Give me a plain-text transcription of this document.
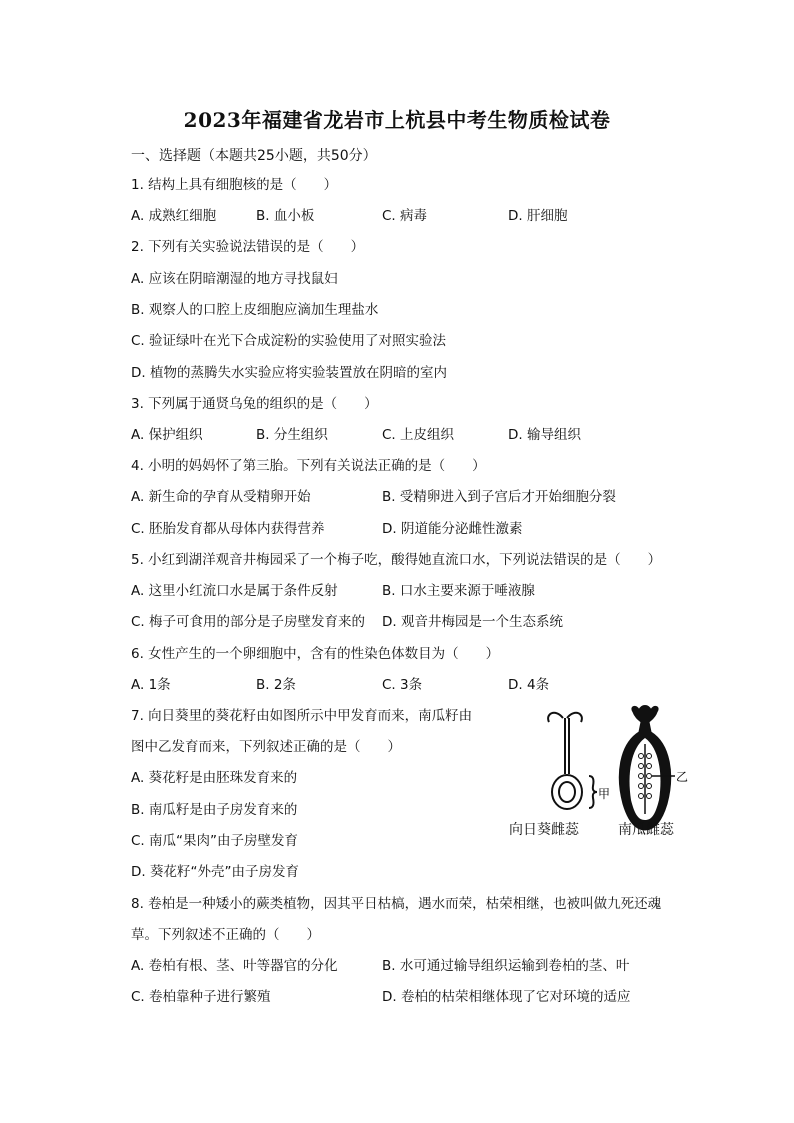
2023年福建省龙岩市上杭县中考生物质检试卷
一、选择题（本题共25小题，共50分）
1. 结构上具有细胞核的是（　　）
A. 成熟红细胞	B. 血小板	C. 病毒	D. 肝细胞
2. 下列有关实验说法错误的是（　　）
A. 应该在阴暗潮湿的地方寻找鼠妇
B. 观察人的口腔上皮细胞应滴加生理盐水
C. 验证绿叶在光下合成淀粉的实验使用了对照实验法
D. 植物的蒸腾失水实验应将实验装置放在阴暗的室内
3. 下列属于通贤乌兔的组织的是（　　）
A. 保护组织	B. 分生组织	C. 上皮组织	D. 输导组织
4. 小明的妈妈怀了第三胎。下列有关说法正确的是（　　）
A. 新生命的孕育从受精卵开始	B. 受精卵进入到子宫后才开始细胞分裂
C. 胚胎发育都从母体内获得营养	D. 阴道能分泌雌性激素
5. 小红到湖洋观音井梅园采了一个梅子吃，酸得她直流口水，下列说法错误的是（　　）
A. 这里小红流口水是属于条件反射	B. 口水主要来源于唾液腺
C. 梅子可食用的部分是子房壁发育来的 D. 观音井梅园是一个生态系统
6. 女性产生的一个卵细胞中，含有的性染色体数目为（　　）
A. 1条	B. 2条	C. 3条	D. 4条
7. 向日葵里的葵花籽由如图所示中甲发育而来，南瓜籽由
图中乙发育而来，下列叙述正确的是（　　）
A. 葵花籽是由胚珠发育来的
B. 南瓜籽是由子房发育来的
C. 南瓜“果肉”由子房壁发育
D. 葵花籽“外壳”由子房发育
甲
乙
向日葵雌蕊	南瓜雌蕊
8. 卷柏是一种矮小的蕨类植物，因其平日枯槁，遇水而荣，枯荣相继，也被叫做九死还魂
草。下列叙述不正确的（　　）
A. 卷柏有根、茎、叶等器官的分化	B. 水可通过输导组织运输到卷柏的茎、叶
C. 卷柏靠种子进行繁殖	D. 卷柏的枯荣相继体现了它对环境的适应
